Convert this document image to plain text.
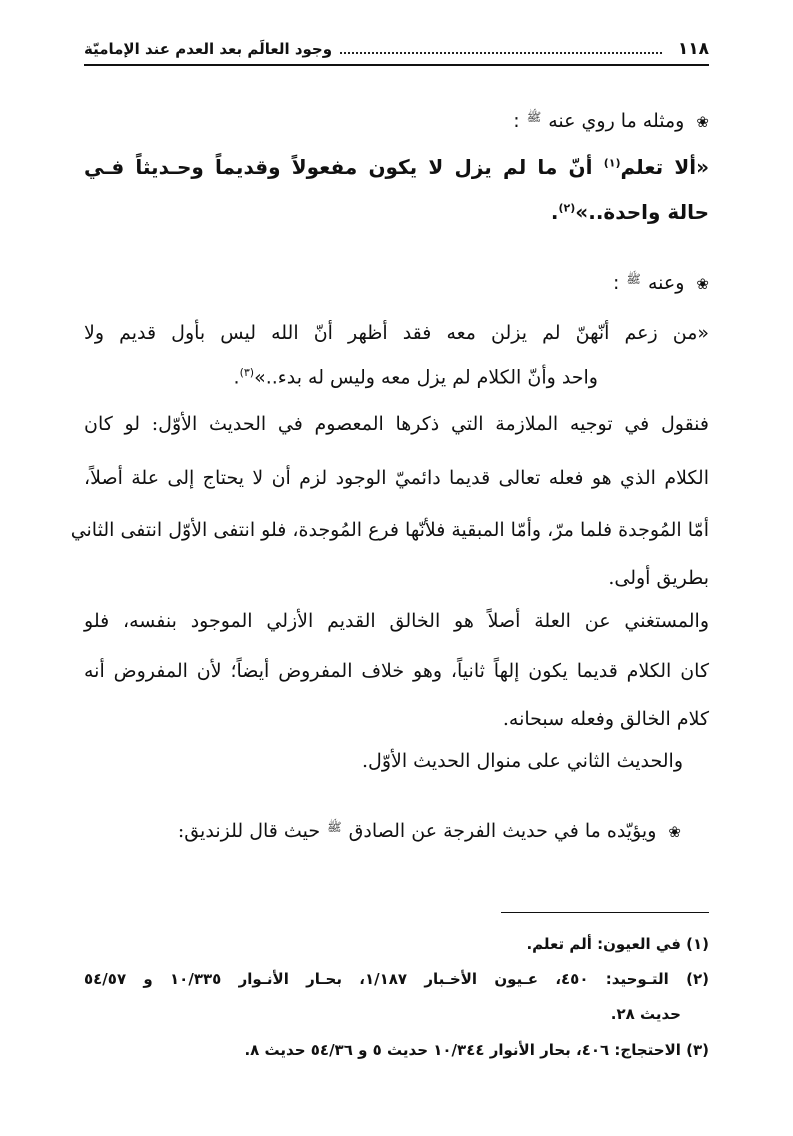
١١٨
وجود العالَم بعد العدم عند الإماميّة
❀ ومثله ما روي عنه ﷺ :
«ألا تعلم$^{(١)}$ أنّ ما لم يزل لا يكون مفعولاً وقديماً وحـديثاً فـي
حالة واحدة..»$^{(٢)}$.
❀ وعنه ﷺ :
«من زعم أنّهنّ لم يزلن معه فقد أظهر أنّ الله ليس بأول قديم ولا
واحد وأنّ الكلام لم يزل معه وليس له بدء..»$^{(٣)}$.
فنقول في توجيه الملازمة التي ذكرها المعصوم في الحديث الأوّل: لو كان
الكلام الذي هو فعله تعالى قديما دائميّ الوجود لزم أن لا يحتاج إلى علة أصلاً،
أمّا المُوجدة فلما مرّ، وأمّا المبقية فلأنّها فرع المُوجدة، فلو انتفى الأوّل انتفى الثاني
بطريق أولى.
والمستغني عن العلة أصلاً هو الخالق القديم الأزلي الموجود بنفسه، فلو
كان الكلام قديما يكون إلهاً ثانياً، وهو خلاف المفروض أيضاً؛ لأن المفروض أنه
كلام الخالق وفعله سبحانه.
والحديث الثاني على منوال الحديث الأوّل.
❀ ويؤيّده ما في حديث الفرجة عن الصادق ﷺ حيث قال للزنديق:
(١) في العيون: ألم تعلم.
(٢) التـوحيد: ٤٥٠، عـيون الأخـبار ١/١٨٧، بحـار الأنـوار ١٠/٣٣٥ و ٥٤/٥٧
حديث ٢٨.
(٣) الاحتجاج: ٤٠٦، بحار الأنوار ١٠/٣٤٤ حديث ٥ و ٥٤/٣٦ حديث ٨.
